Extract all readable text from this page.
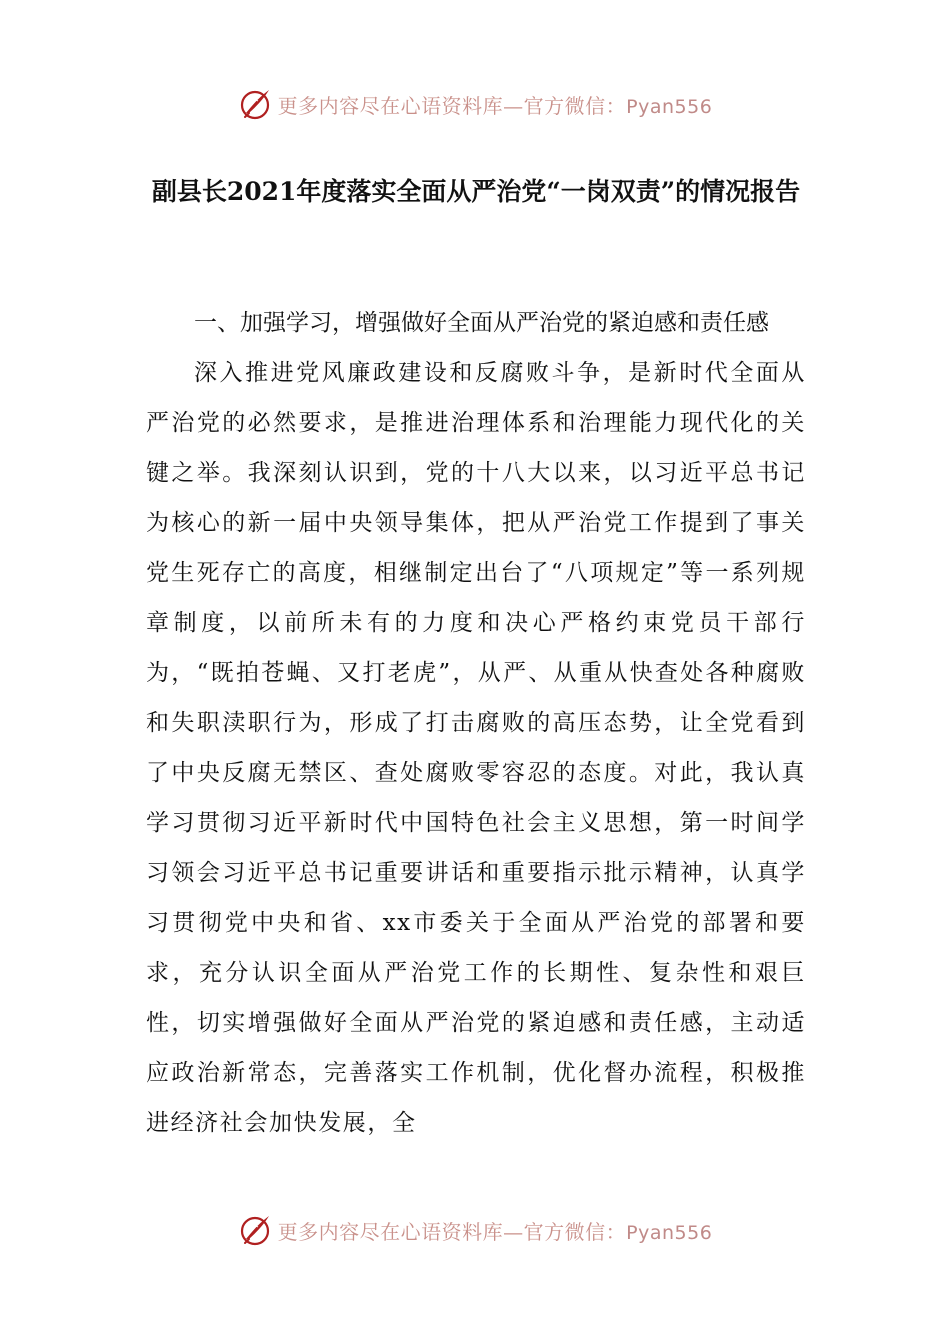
更多内容尽在心语资料库—官方微信：Pyan556
副县长2021年度落实全面从严治党“一岗双责”的情况报告

一、加强学习，增强做好全面从严治党的紧迫感和责任感

深入推进党风廉政建设和反腐败斗争，是新时代全面从严治党的必然要求，是推进治理体系和治理能力现代化的关键之举。我深刻认识到，党的十八大以来，以习近平总书记为核心的新一届中央领导集体，把从严治党工作提到了事关党生死存亡的高度，相继制定出台了“八项规定”等一系列规章制度，以前所未有的力度和决心严格约束党员干部行为，“既拍苍蝇、又打老虎”，从严、从重从快查处各种腐败和失职渎职行为，形成了打击腐败的高压态势，让全党看到了中央反腐无禁区、查处腐败零容忍的态度。对此，我认真学习贯彻习近平新时代中国特色社会主义思想，第一时间学习领会习近平总书记重要讲话和重要指示批示精神，认真学习贯彻党中央和省、xx市委关于全面从严治党的部署和要求，充分认识全面从严治党工作的长期性、复杂性和艰巨性，切实增强做好全面从严治党的紧迫感和责任感，主动适应政治新常态，完善落实工作机制，优化督办流程，积极推进经济社会加快发展，全

更多内容尽在心语资料库—官方微信：Pyan556
